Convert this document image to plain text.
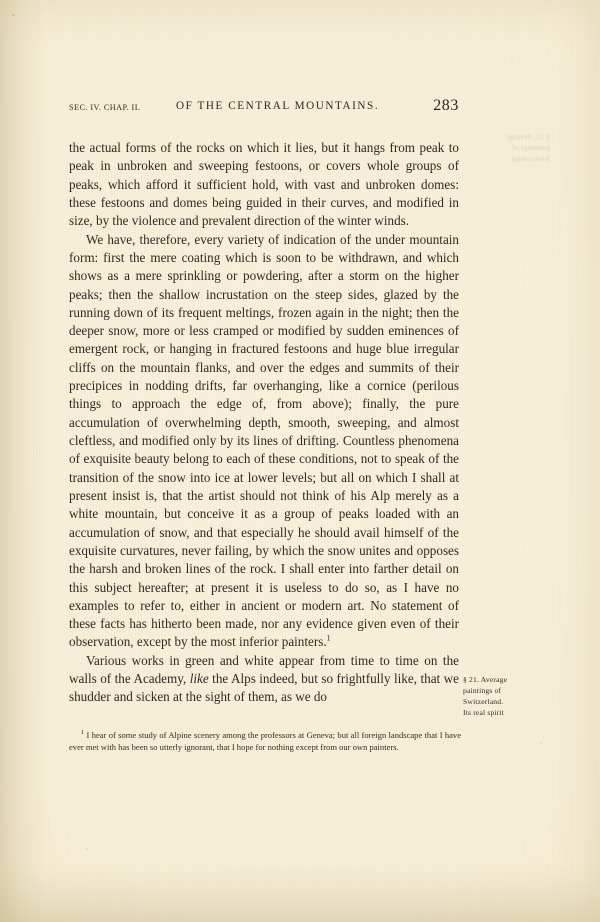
§ 21. Average
paintings of
Switzerland.
SEC. IV. CHAP. II.	OF THE CENTRAL MOUNTAINS.	283

the actual forms of the rocks on which it lies, but it hangs from peak to peak in unbroken and sweeping festoons, or covers whole groups of peaks, which afford it sufficient hold, with vast and unbroken domes: these festoons and domes being guided in their curves, and modified in size, by the violence and prevalent direction of the winter winds.

We have, therefore, every variety of indication of the under mountain form: first the mere coating which is soon to be withdrawn, and which shows as a mere sprinkling or powdering, after a storm on the higher peaks; then the shallow incrustation on the steep sides, glazed by the running down of its frequent meltings, frozen again in the night; then the deeper snow, more or less cramped or modified by sudden eminences of emergent rock, or hanging in fractured festoons and huge blue irregular cliffs on the mountain flanks, and over the edges and summits of their precipices in nodding drifts, far overhanging, like a cornice (perilous things to approach the edge of, from above); finally, the pure accumulation of overwhelming depth, smooth, sweeping, and almost cleftless, and modified only by its lines of drifting. Countless phenomena of exquisite beauty belong to each of these conditions, not to speak of the transition of the snow into ice at lower levels; but all on which I shall at present insist is, that the artist should not think of his Alp merely as a white mountain, but conceive it as a group of peaks loaded with an accumulation of snow, and that especially he should avail himself of the exquisite curvatures, never failing, by which the snow unites and opposes the harsh and broken lines of the rock. I shall enter into farther detail on this subject hereafter; at present it is useless to do so, as I have no examples to refer to, either in ancient or modern art. No statement of these facts has hitherto been made, nor any evidence given even of their observation, except by the most inferior painters.$^1$

Various works in green and white appear from time to time on the walls of the Academy, like the Alps indeed, but so frightfully like, that we shudder and sicken at the sight of them, as we do

§ 21. Average
paintings of
Switzerland.
Its real spirit

$^1$ I hear of some study of Alpine scenery among the professors at Geneva; but all foreign landscape that I have ever met with has been so utterly ignorant, that I hope for nothing except from our own painters.
